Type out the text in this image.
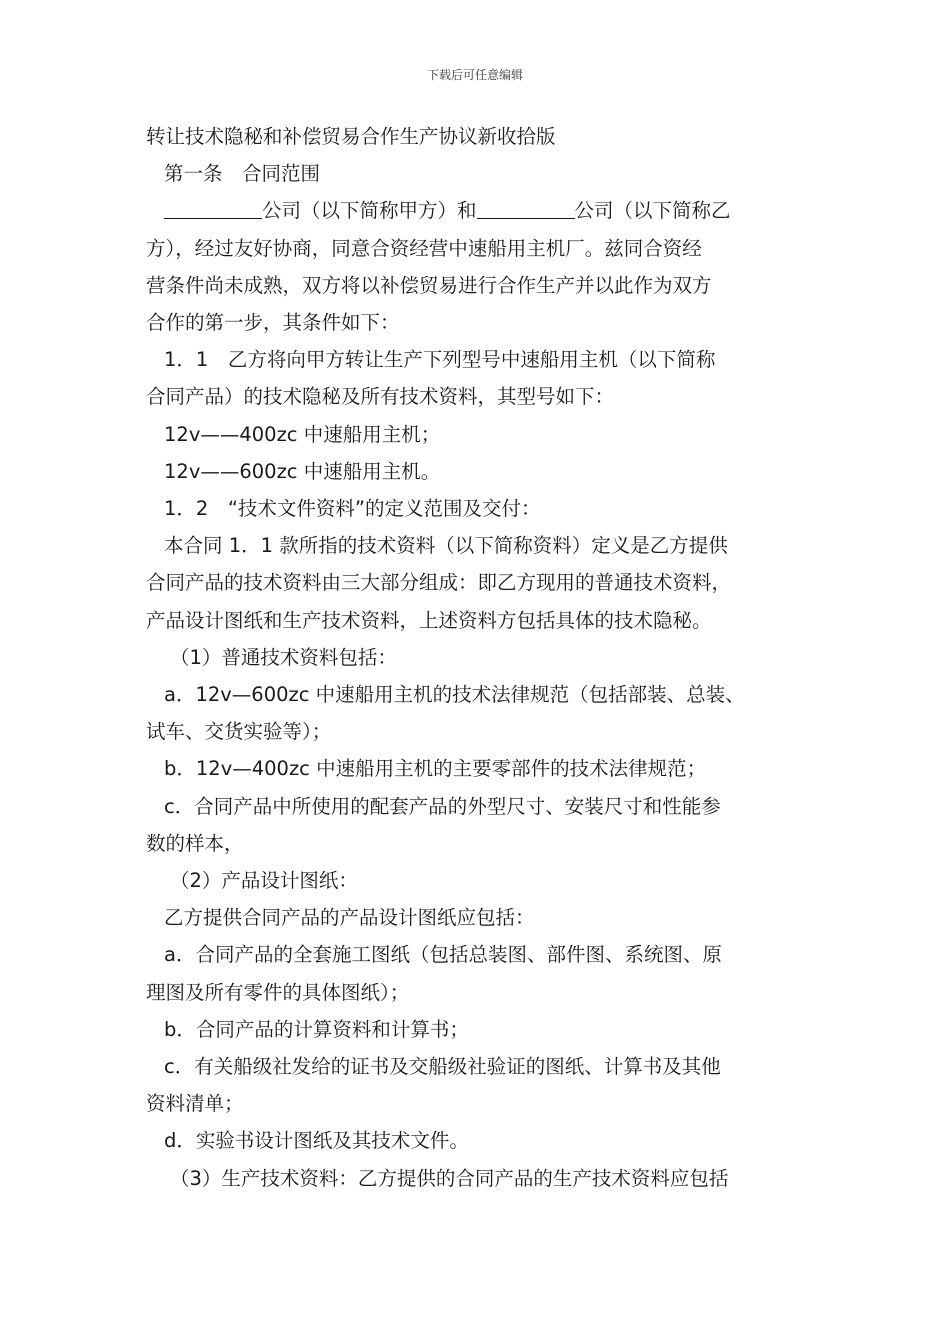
下载后可任意编辑

转让技术隐秘和补偿贸易合作生产协议新收拾版

第一条　合同范围

公司（以下简称甲方）和	公司（以下简称乙

方），经过友好协商，同意合资经营中速船用主机厂。兹同合资经

营条件尚未成熟，双方将以补偿贸易进行合作生产并以此作为双方

合作的第一步，其条件如下：

1．1　乙方将向甲方转让生产下列型号中速船用主机（以下简称

合同产品）的技术隐秘及所有技术资料，其型号如下：

12v——400zc 中速船用主机；

12v——600zc 中速船用主机。

1．2　“技术文件资料”的定义范围及交付：

本合同 1．1 款所指的技术资料（以下简称资料）定义是乙方提供

合同产品的技术资料由三大部分组成：即乙方现用的普通技术资料，

产品设计图纸和生产技术资料，上述资料方包括具体的技术隐秘。

（1）普通技术资料包括：

a．12v—600zc 中速船用主机的技术法律规范（包括部装、总装、

试车、交货实验等）；

b．12v—400zc 中速船用主机的主要零部件的技术法律规范；

c．合同产品中所使用的配套产品的外型尺寸、安装尺寸和性能参

数的样本，

（2）产品设计图纸：

乙方提供合同产品的产品设计图纸应包括：

a．合同产品的全套施工图纸（包括总装图、部件图、系统图、原

理图及所有零件的具体图纸）；

b．合同产品的计算资料和计算书；

c．有关船级社发给的证书及交船级社验证的图纸、计算书及其他

资料清单；

d．实验书设计图纸及其技术文件。

（3）生产技术资料：乙方提供的合同产品的生产技术资料应包括
